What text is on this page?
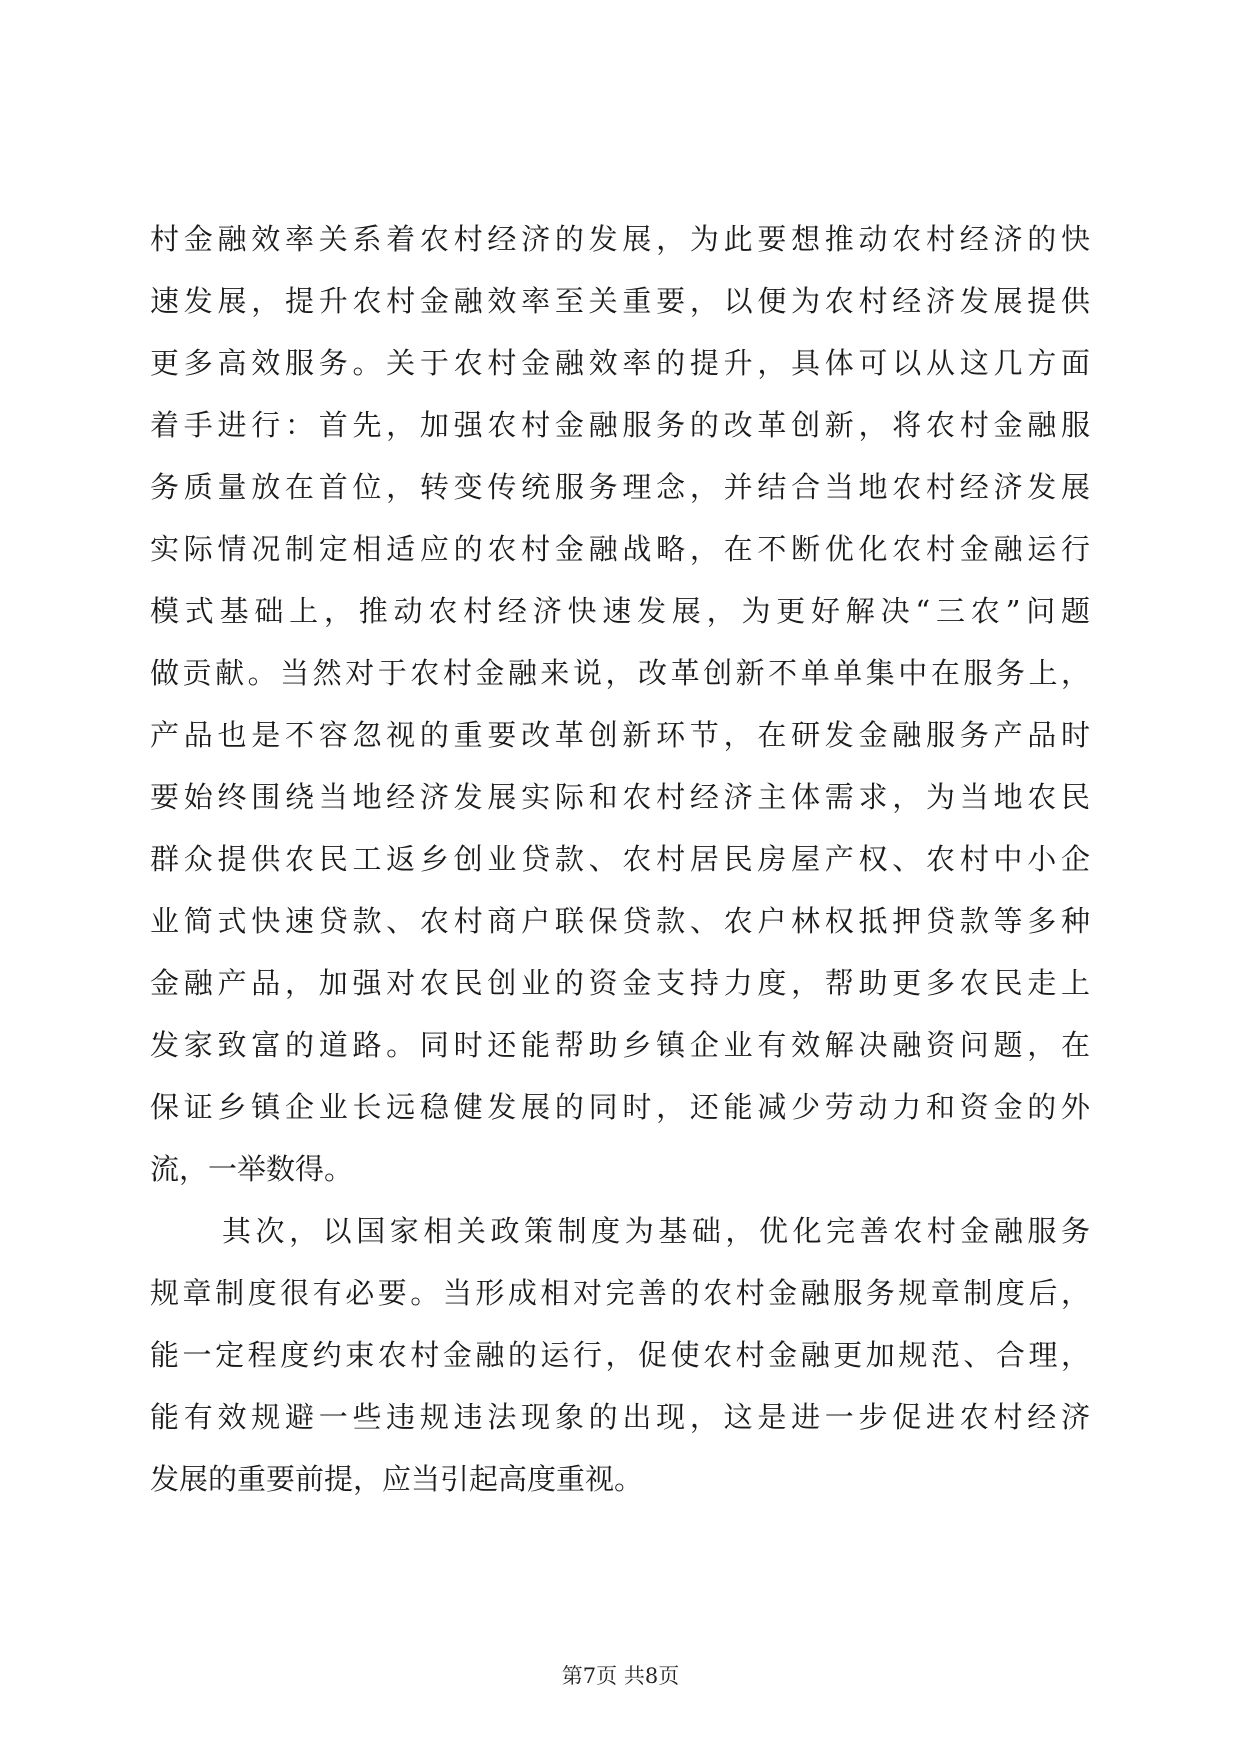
村金融效率关系着农村经济的发展，为此要想推动农村经济的快
速发展，提升农村金融效率至关重要，以便为农村经济发展提供
更多高效服务。关于农村金融效率的提升，具体可以从这几方面
着手进行：首先，加强农村金融服务的改革创新，将农村金融服
务质量放在首位，转变传统服务理念，并结合当地农村经济发展
实际情况制定相适应的农村金融战略，在不断优化农村金融运行
模式基础上，推动农村经济快速发展，为更好解决“三农”问题
做贡献。当然对于农村金融来说，改革创新不单单集中在服务上，
产品也是不容忽视的重要改革创新环节，在研发金融服务产品时
要始终围绕当地经济发展实际和农村经济主体需求，为当地农民
群众提供农民工返乡创业贷款、农村居民房屋产权、农村中小企
业简式快速贷款、农村商户联保贷款、农户林权抵押贷款等多种
金融产品，加强对农民创业的资金支持力度，帮助更多农民走上
发家致富的道路。同时还能帮助乡镇企业有效解决融资问题，在
保证乡镇企业长远稳健发展的同时，还能减少劳动力和资金的外
流，一举数得。
其次，以国家相关政策制度为基础，优化完善农村金融服务
规章制度很有必要。当形成相对完善的农村金融服务规章制度后，
能一定程度约束农村金融的运行，促使农村金融更加规范、合理，
能有效规避一些违规违法现象的出现，这是进一步促进农村经济
发展的重要前提，应当引起高度重视。
第7页 共8页
